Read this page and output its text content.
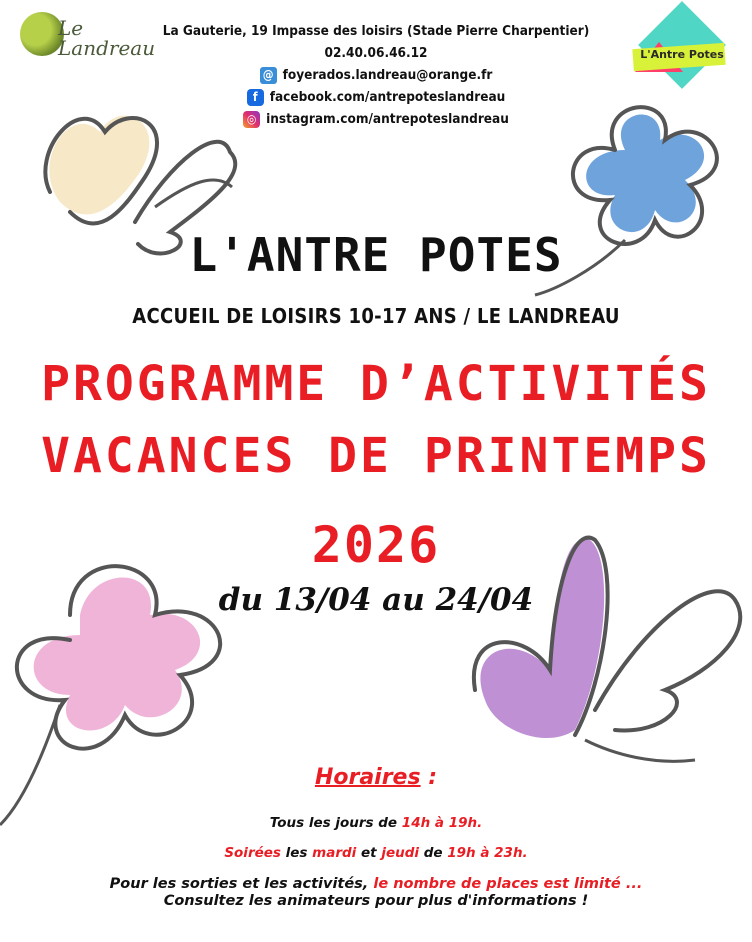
Le
Landreau	L'Antre Potes
La Gauterie, 19 Impasse des loisirs (Stade Pierre Charpentier)
02.40.06.46.12
@ foyerados.landreau@orange.fr
f facebook.com/antrepoteslandreau
◎ instagram.com/antrepoteslandreau
L'ANTRE POTES
ACCUEIL DE LOISIRS 10-17 ANS / LE LANDREAU
PROGRAMME D’ACTIVITÉS
VACANCES DE PRINTEMPS
2026
du 13/04 au 24/04
Horaires :
Tous les jours de 14h à 19h.
Soirées les mardi et jeudi de 19h à 23h.
Pour les sorties et les activités, le nombre de places est limité ...
Consultez les animateurs pour plus d'informations !
